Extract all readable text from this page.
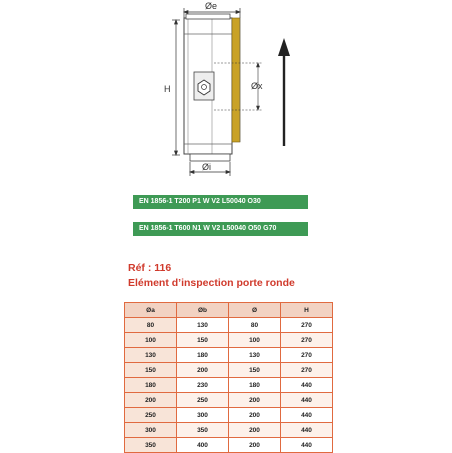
Øe
H	Øx
Øi
EN 1856-1 T200 P1 W V2 L50040 O30
EN 1856-1 T600 N1 W V2 L50040 O50 G70
Réf : 116
Elément d’inspection porte ronde
Øa	Øb	Ø	H
80	130	80	270
100	150	100	270
130	180	130	270
150	200	150	270
180	230	180	440
200	250	200	440
250	300	200	440
300	350	200	440
350	400	200	440
